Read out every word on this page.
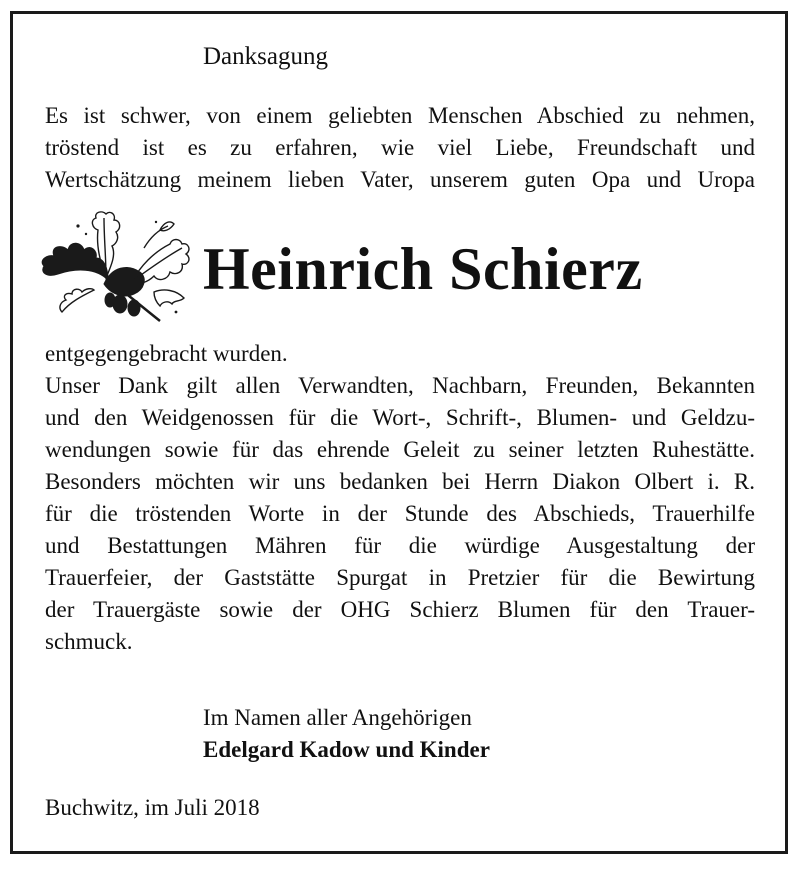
Danksagung
Es ist schwer, von einem geliebten Menschen Abschied zu nehmen,
tröstend ist es zu erfahren, wie viel Liebe, Freundschaft und
Wertschätzung meinem lieben Vater, unserem guten Opa und Uropa
Heinrich Schierz
entgegengebracht wurden.
Unser Dank gilt allen Verwandten, Nachbarn, Freunden, Bekannten
und den Weidgenossen für die Wort-, Schrift-, Blumen- und Geldzu-
wendungen sowie für das ehrende Geleit zu seiner letzten Ruhestätte.
Besonders möchten wir uns bedanken bei Herrn Diakon Olbert i. R.
für die tröstenden Worte in der Stunde des Abschieds, Trauerhilfe
und Bestattungen Mähren für die würdige Ausgestaltung der
Trauerfeier, der Gaststätte Spurgat in Pretzier für die Bewirtung
der Trauergäste sowie der OHG Schierz Blumen für den Trauer-
schmuck.
Im Namen aller Angehörigen
Edelgard Kadow und Kinder
Buchwitz, im Juli 2018
